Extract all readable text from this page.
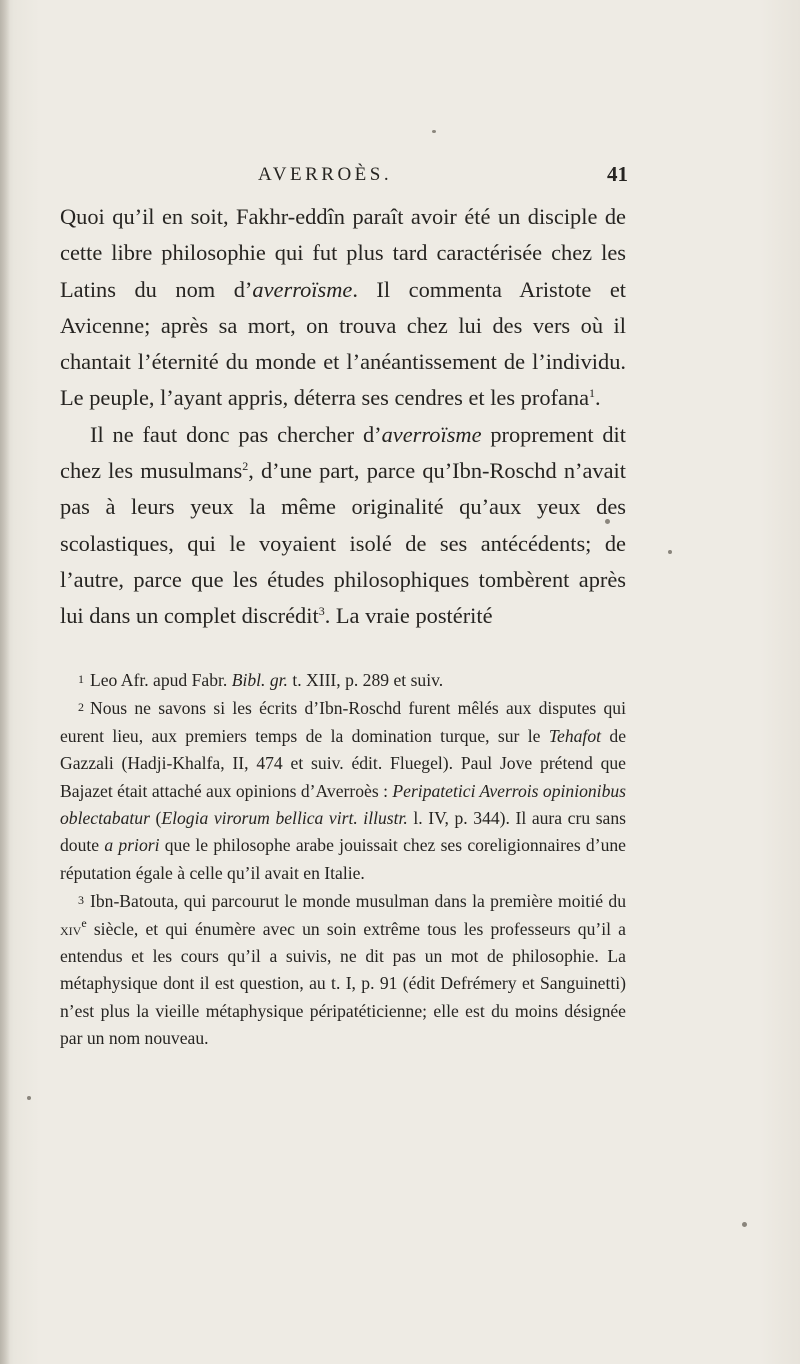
AVERROÈS.	41

Quoi qu’il en soit, Fakhr-eddîn paraît avoir été un disciple de cette libre philosophie qui fut plus tard caractérisée chez les Latins du nom d’averroïsme. Il commenta Aristote et Avicenne; après sa mort, on trouva chez lui des vers où il chantait l’éternité du monde et l’anéantissement de l’individu. Le peuple, l’ayant appris, déterra ses cendres et les profana$^1$.

Il ne faut donc pas chercher d’averroïsme proprement dit chez les musulmans$^2$, d’une part, parce qu’Ibn-Roschd n’avait pas à leurs yeux la même originalité qu’aux yeux des scolastiques, qui le voyaient isolé de ses antécédents; de l’autre, parce que les études philosophiques tombèrent après lui dans un complet discrédit$^3$. La vraie postérité

1 Leo Afr. apud Fabr. Bibl. gr. t. XIII, p. 289 et suiv.

2 Nous ne savons si les écrits d’Ibn-Roschd furent mêlés aux disputes qui eurent lieu, aux premiers temps de la domination turque, sur le Tehafot de Gazzali (Hadji-Khalfa, II, 474 et suiv. édit. Fluegel). Paul Jove prétend que Bajazet était attaché aux opinions d’Averroès : Peripatetici Averrois opinionibus oblectabatur (Elogia virorum bellica virt. illustr. l. IV, p. 344). Il aura cru sans doute a priori que le philosophe arabe jouissait chez ses coreligionnaires d’une réputation égale à celle qu’il avait en Italie.

3 Ibn-Batouta, qui parcourut le monde musulman dans la première moitié du xiv$^e$ siècle, et qui énumère avec un soin extrême tous les professeurs qu’il a entendus et les cours qu’il a suivis, ne dit pas un mot de philosophie. La métaphysique dont il est question, au t. I, p. 91 (édit Defrémery et Sanguinetti) n’est plus la vieille métaphysique péripatéticienne; elle est du moins désignée par un nom nouveau.
